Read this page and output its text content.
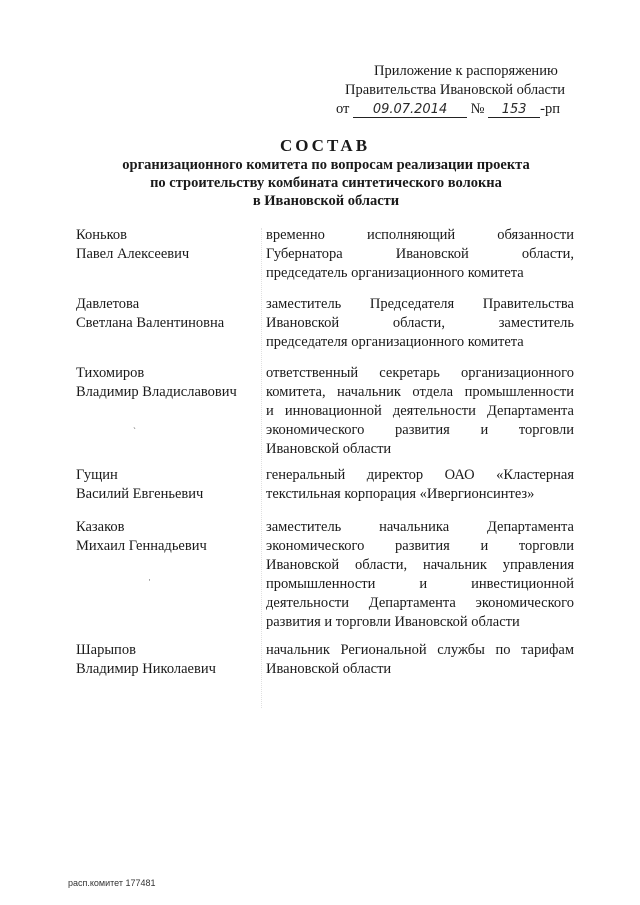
Приложение к распоряжению
Правительства Ивановской области
от 09.07.2014 № 153 -рп
СОСТАВ
организационного комитета по вопросам реализации проекта
по строительству комбината синтетического волокна
в Ивановской области
Коньков
Павел Алексеевич
временно исполняющий обязанности
Губернатора Ивановской области,
председатель организационного комитета
Давлетова
Светлана Валентиновна
заместитель Председателя Правительства
Ивановской области, заместитель
председателя организационного комитета
Тихомиров
Владимир Владиславович
ответственный секретарь организационного
комитета, начальник отдела промышленности
и инновационной деятельности Департамента
экономического развития и торговли
Ивановской области
Гущин
Василий Евгеньевич
генеральный директор ОАО «Кластерная
текстильная корпорация «Ивергионсинтез»
Казаков
Михаил Геннадьевич
заместитель начальника Департамента
экономического развития и торговли
Ивановской области, начальник управления
промышленности и инвестиционной
деятельности Департамента экономического
развития и торговли Ивановской области
Шарыпов
Владимир Николаевич
начальник Региональной службы по тарифам
Ивановской области
`
·
расп.комитет 177481
